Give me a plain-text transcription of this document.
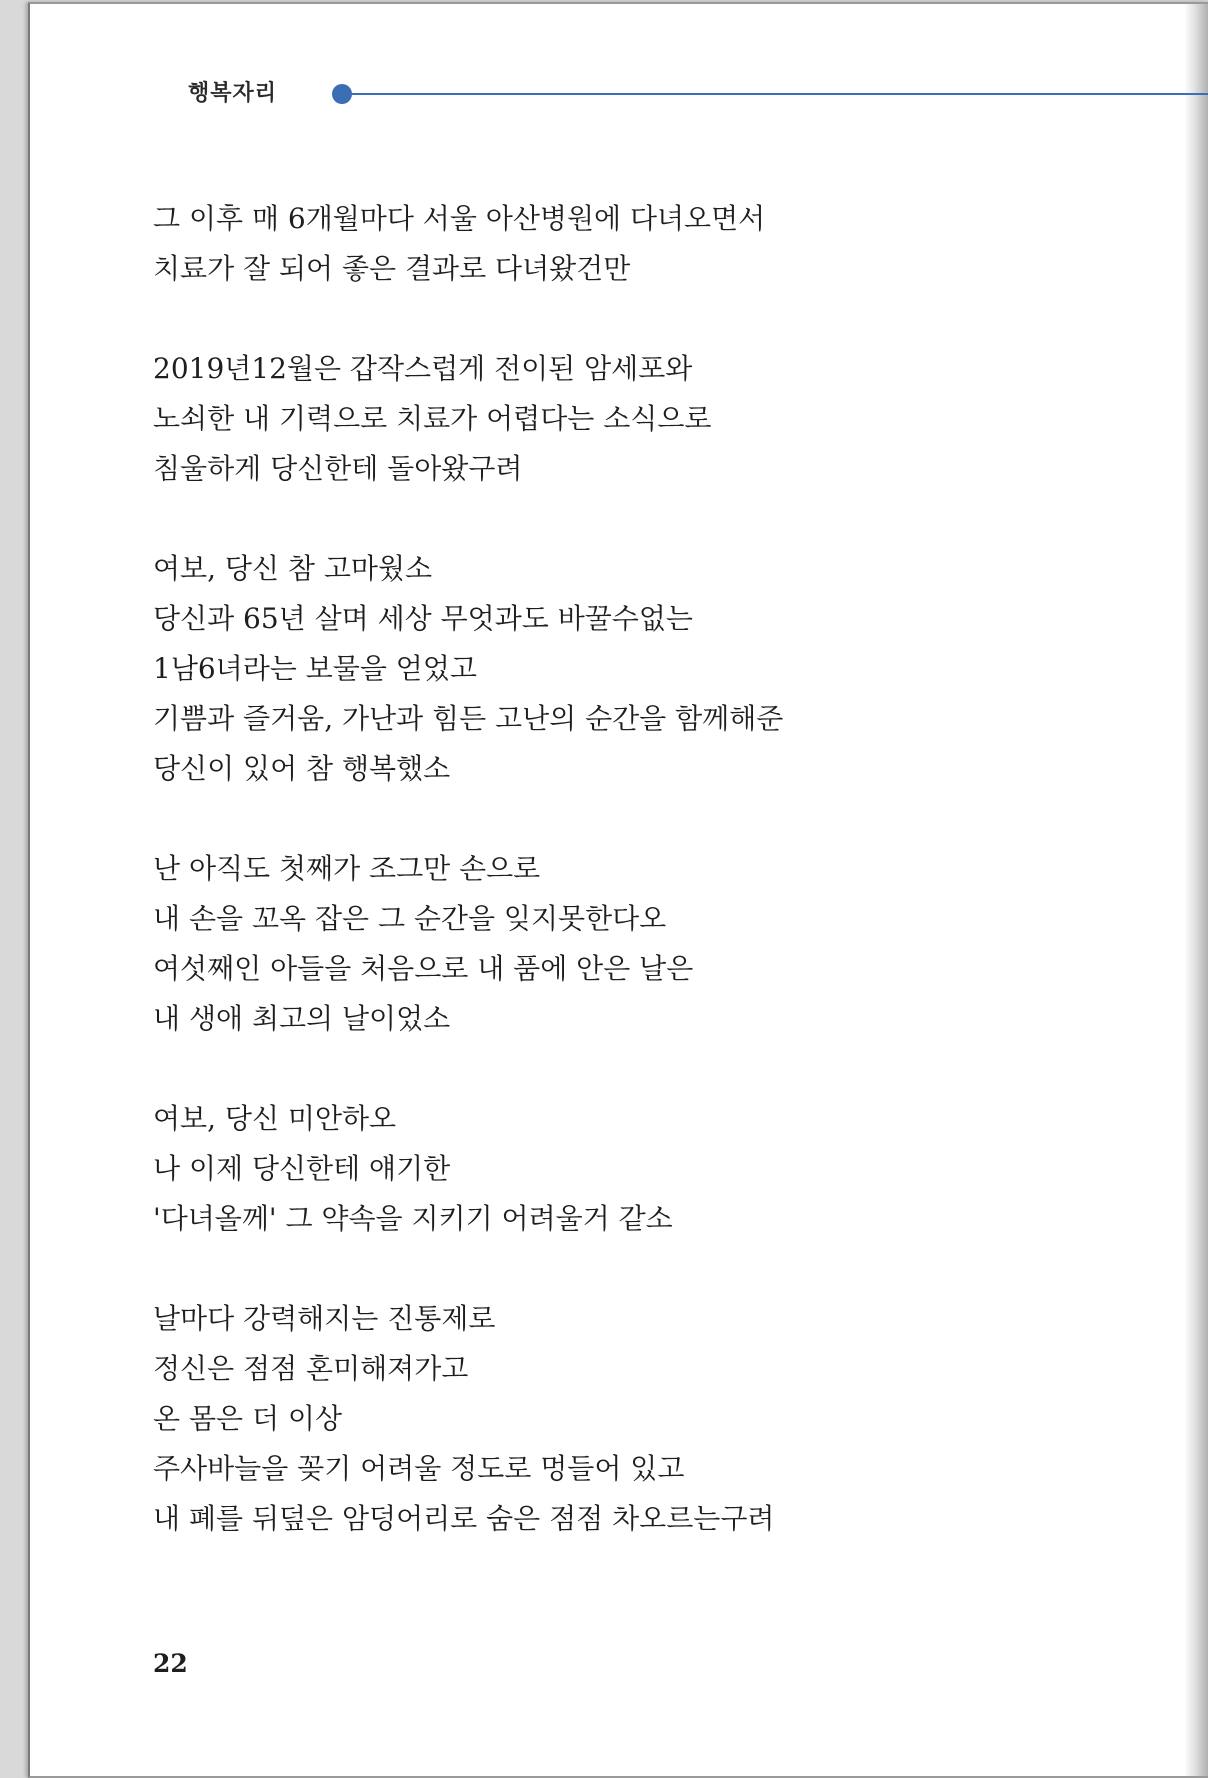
행복자리
그 이후 매 6개월마다 서울 아산병원에 다녀오면서
치료가 잘 되어 좋은 결과로 다녀왔건만
2019년12월은 갑작스럽게 전이된 암세포와
노쇠한 내 기력으로 치료가 어렵다는 소식으로
침울하게 당신한테 돌아왔구려
여보, 당신 참 고마웠소
당신과 65년 살며 세상 무엇과도 바꿀수없는
1남6녀라는 보물을 얻었고
기쁨과 즐거움, 가난과 힘든 고난의 순간을 함께해준
당신이 있어 참 행복했소
난 아직도 첫째가 조그만 손으로
내 손을 꼬옥 잡은 그 순간을 잊지못한다오
여섯째인 아들을 처음으로 내 품에 안은 날은
내 생애 최고의 날이었소
여보, 당신 미안하오
나 이제 당신한테 얘기한
'다녀올께' 그 약속을 지키기 어려울거 같소
날마다 강력해지는 진통제로
정신은 점점 혼미해져가고
온 몸은 더 이상
주사바늘을 꽂기 어려울 정도로 멍들어 있고
내 폐를 뒤덮은 암덩어리로 숨은 점점 차오르는구려
22
